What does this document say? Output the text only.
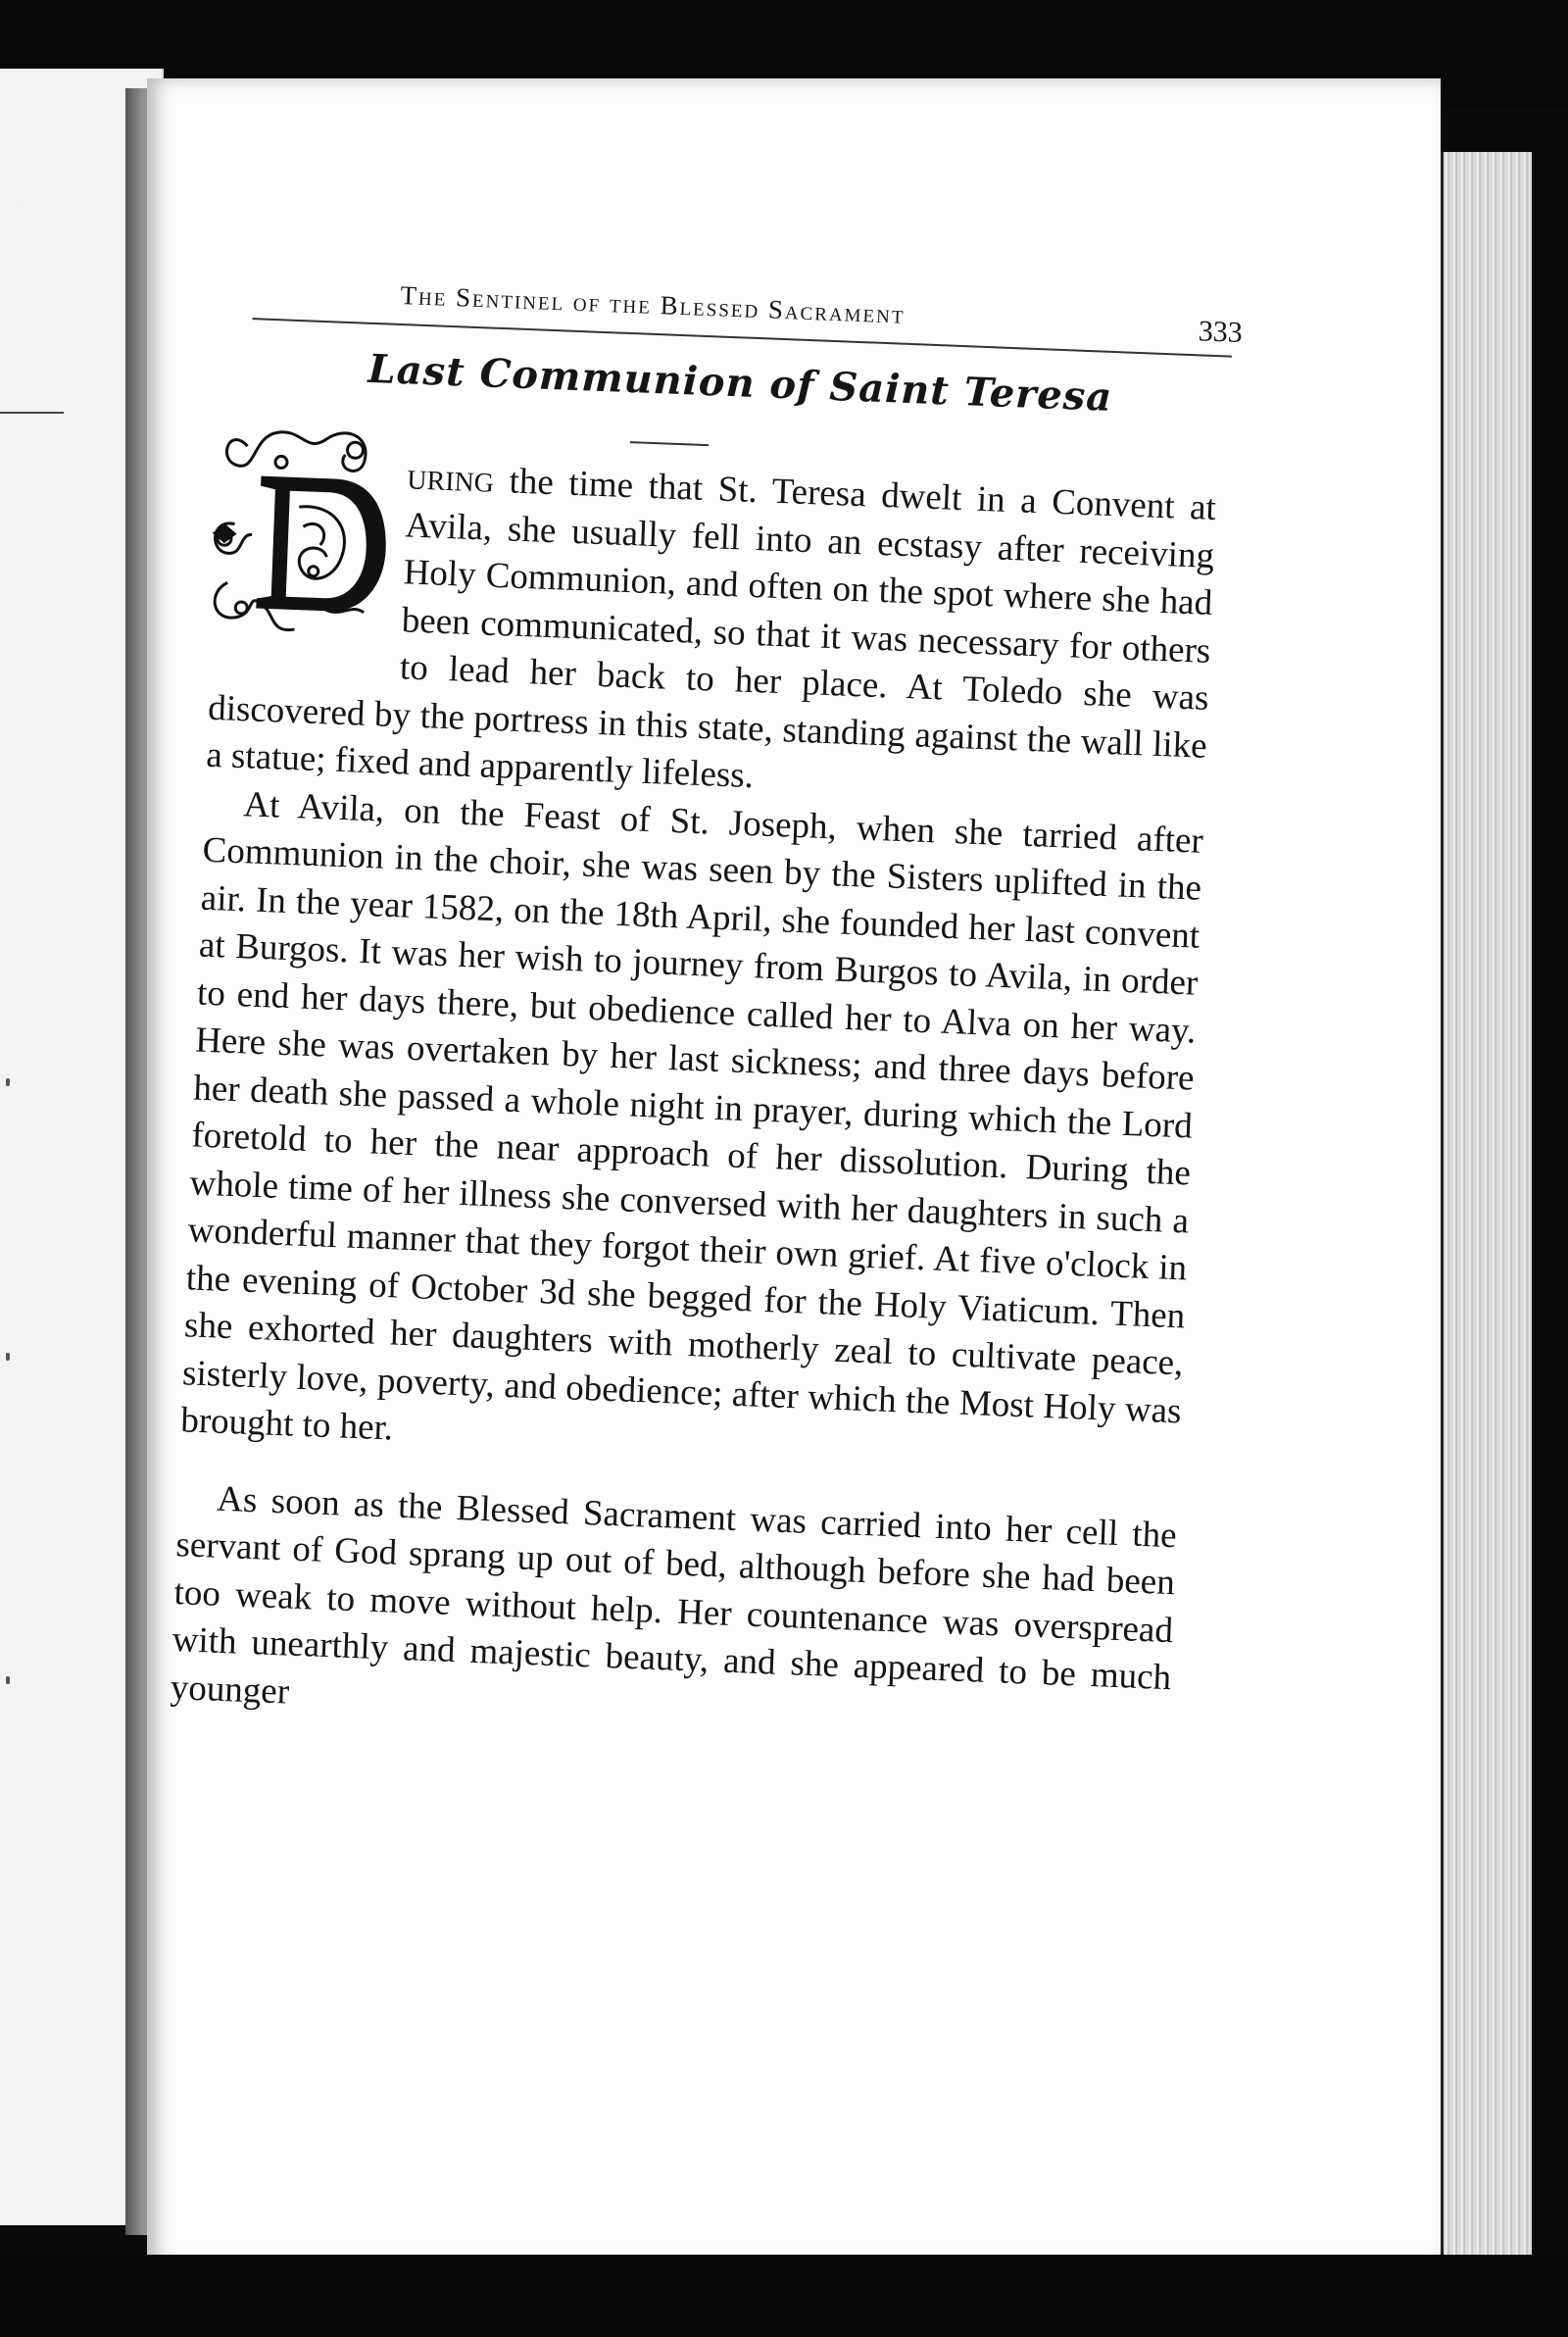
The Sentinel of the Blessed Sacrament
333
Last Communion of Saint Teresa
D

uring the time that St. Teresa dwelt in a Convent at Avila, she usually fell into an ecstasy after receiving Holy Communion, and often on the spot where she had been communicated, so that it was necessary for others to lead her back to her place. At Toledo she was discovered by the portress in this state, standing against the wall like a statue; fixed and apparently lifeless.

At Avila, on the Feast of St. Joseph, when she tarried after Communion in the choir, she was seen by the Sisters uplifted in the air. In the year 1582, on the 18th April, she founded her last convent at Burgos. It was her wish to journey from Burgos to Avila, in order to end her days there, but obedience called her to Alva on her way. Here she was overtaken by her last sickness; and three days before her death she passed a whole night in prayer, during which the Lord foretold to her the near approach of her dissolution. During the whole time of her illness she conversed with her daughters in such a wonderful manner that they forgot their own grief. At five o'clock in the evening of October 3d she begged for the Holy Viaticum. Then she exhorted her daughters with motherly zeal to cultivate peace, sisterly love, poverty, and obedience; after which the Most Holy was brought to her.

As soon as the Blessed Sacrament was carried into her cell the servant of God sprang up out of bed, although before she had been too weak to move without help. Her countenance was overspread with unearthly and majestic beauty, and she appeared to be much younger
